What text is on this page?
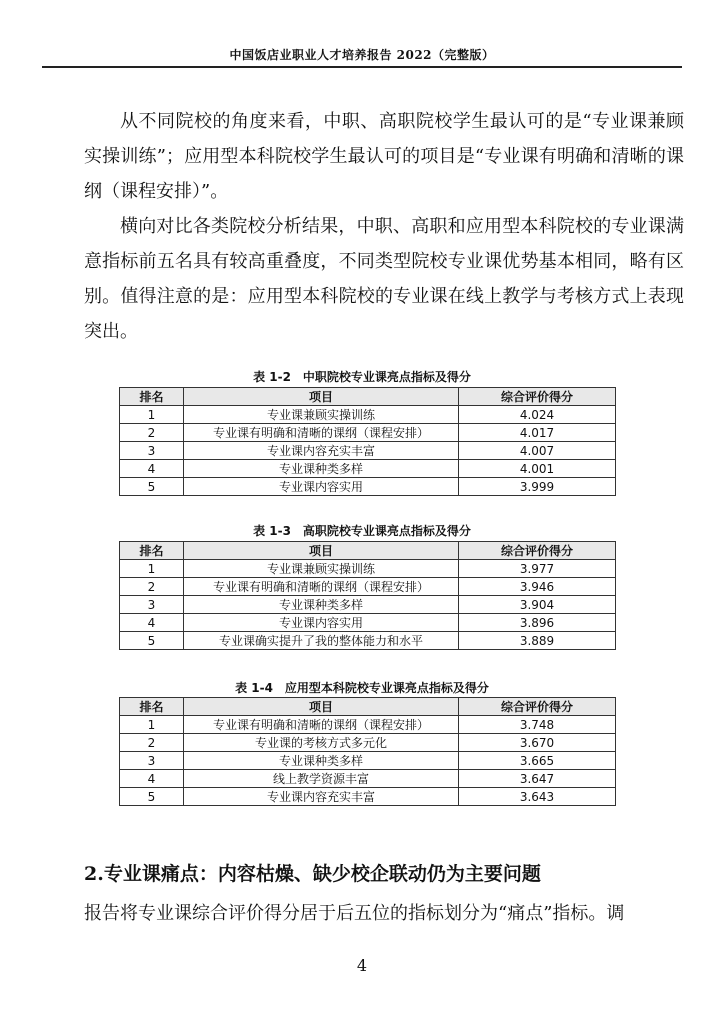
中国饭店业职业人才培养报告 2022（完整版）

从不同院校的角度来看，中职、高职院校学生最认可的是“专业课兼顾实操训练”；应用型本科院校学生最认可的项目是“专业课有明确和清晰的课纲（课程安排）”。

横向对比各类院校分析结果，中职、高职和应用型本科院校的专业课满意指标前五名具有较高重叠度，不同类型院校专业课优势基本相同，略有区别。值得注意的是：应用型本科院校的专业课在线上教学与考核方式上表现突出。

表 1-2　中职院校专业课亮点指标及得分
排名	项目	综合评价得分
1	专业课兼顾实操训练	4.024
2	专业课有明确和清晰的课纲（课程安排）	4.017
3	专业课内容充实丰富	4.007
4	专业课种类多样	4.001
5	专业课内容实用	3.999
表 1-3　高职院校专业课亮点指标及得分
排名	项目	综合评价得分
1	专业课兼顾实操训练	3.977
2	专业课有明确和清晰的课纲（课程安排）	3.946
3	专业课种类多样	3.904
4	专业课内容实用	3.896
5	专业课确实提升了我的整体能力和水平	3.889
表 1-4　应用型本科院校专业课亮点指标及得分
排名	项目	综合评价得分
1	专业课有明确和清晰的课纲（课程安排）	3.748
2	专业课的考核方式多元化	3.670
3	专业课种类多样	3.665
4	线上教学资源丰富	3.647
5	专业课内容充实丰富	3.643
2.专业课痛点：内容枯燥、缺少校企联动仍为主要问题

报告将专业课综合评价得分居于后五位的指标划分为“痛点”指标。调

4
